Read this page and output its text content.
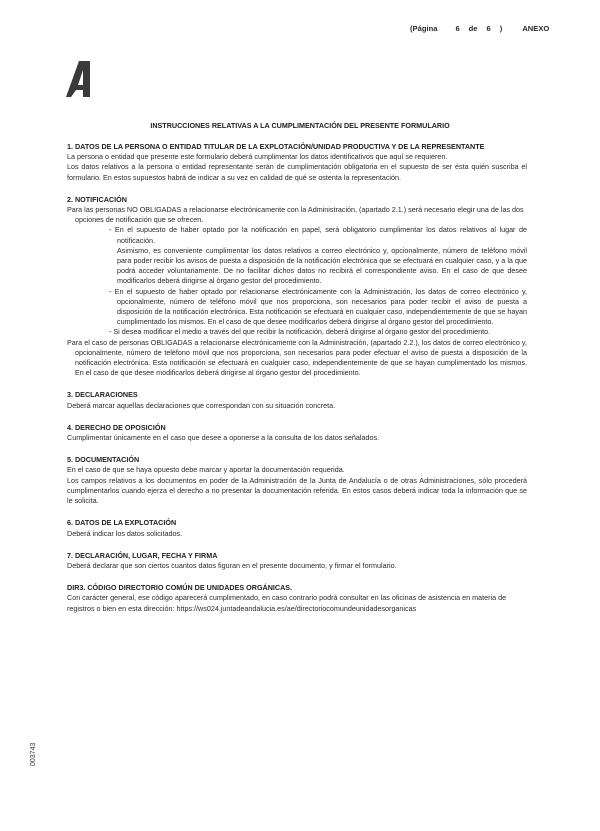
(Página 6 de 6 )	ANEXO
INSTRUCCIONES RELATIVAS A LA CUMPLIMENTACIÓN DEL PRESENTE FORMULARIO
1. DATOS DE LA PERSONA O ENTIDAD TITULAR DE LA EXPLOTACIÓN/UNIDAD PRODUCTIVA Y DE LA REPRESENTANTE

La persona o entidad que presente este formulario deberá cumplimentar los datos identificativos que aquí se requieren.

Los datos relativos a la persona o entidad representante serán de cumplimentación obligatoria en el supuesto de ser ésta quién suscriba el formulario. En estos supuestos habrá de indicar a su vez en calidad de qué se ostenta la representación.

2. NOTIFICACIÓN

Para las personas NO OBLIGADAS a relacionarse electrónicamente con la Administración, (apartado 2.1.) será necesario elegir una de las dos opciones de notificación que se ofrecen.

- En el supuesto de haber optado por la notificación en papel, será obligatorio cumplimentar los datos relativos al lugar de notificación.

Asimismo, es conveniente cumplimentar los datos relativos a correo electrónico y, opcionalmente, número de teléfono móvil para poder recibir los avisos de puesta a disposición de la notificación electrónica que se efectuará en cualquier caso, y a la que podrá acceder voluntariamente. De no facilitar dichos datos no recibirá el correspondiente aviso. En el caso de que desee modificarlos deberá dirigirse al órgano gestor del procedimiento.

- En el supuesto de haber optado por relacionarse electrónicamente con la Administración, los datos de correo electrónico y, opcionalmente, número de teléfono móvil que nos proporciona, son necesarios para poder recibir el aviso de puesta a disposición de la notificación electrónica. Esta notificación se efectuará en cualquier caso, independientemente de que se hayan cumplimentado los mismos. En el caso de que desee modificarlos deberá dirigirse al órgano gestor del procedimiento.

- Si desea modificar el medio a través del que recibir la notificación, deberá dirigirse al órgano gestor del procedimiento.

Para el caso de personas OBLIGADAS a relacionarse electrónicamente con la Administración, (apartado 2.2.), los datos de correo electrónico y, opcionalmente, número de teléfono móvil que nos proporciona, son necesarios para poder efectuar el aviso de puesta a disposición de la notificación electrónica. Esta notificación se efectuará en cualquier caso, independientemente de que se hayan cumplimentado los mismos. En el caso de que desee modificarlos deberá dirigirse al órgano gestor del procedimiento.

3. DECLARACIONES

Deberá marcar aquellas declaraciones que correspondan con su situación concreta.

4. DERECHO DE OPOSICIÓN

Cumplimentar únicamente en el caso que desee a oponerse a la consulta de los datos señalados.

5. DOCUMENTACIÓN

En el caso de que se haya opuesto debe marcar y aportar la documentación requerida.

Los campos relativos a los documentos en poder de la Administración de la Junta de Andalucía o de otras Administraciones, sólo procederá cumplimentarlos cuando ejerza el derecho a no presentar la documentación referida. En estos casos deberá indicar toda la información que se le solicita.

6. DATOS DE LA EXPLOTACIÓN

Deberá indicar los datos solicitados.

7. DECLARACIÓN, LUGAR, FECHA Y FIRMA

Deberá declarar que son ciertos cuantos datos figuran en el presente documento, y firmar el formulario.

DIR3. CÓDIGO DIRECTORIO COMÚN DE UNIDADES ORGÁNICAS.

Con carácter general, ese código aparecerá cumplimentado, en caso contrario podrá consultar en las oficinas de asistencia en materia de registros o bien en esta dirección: https://ws024.juntadeandalucia.es/ae/directoriocomundeunidadesorganicas

003743
